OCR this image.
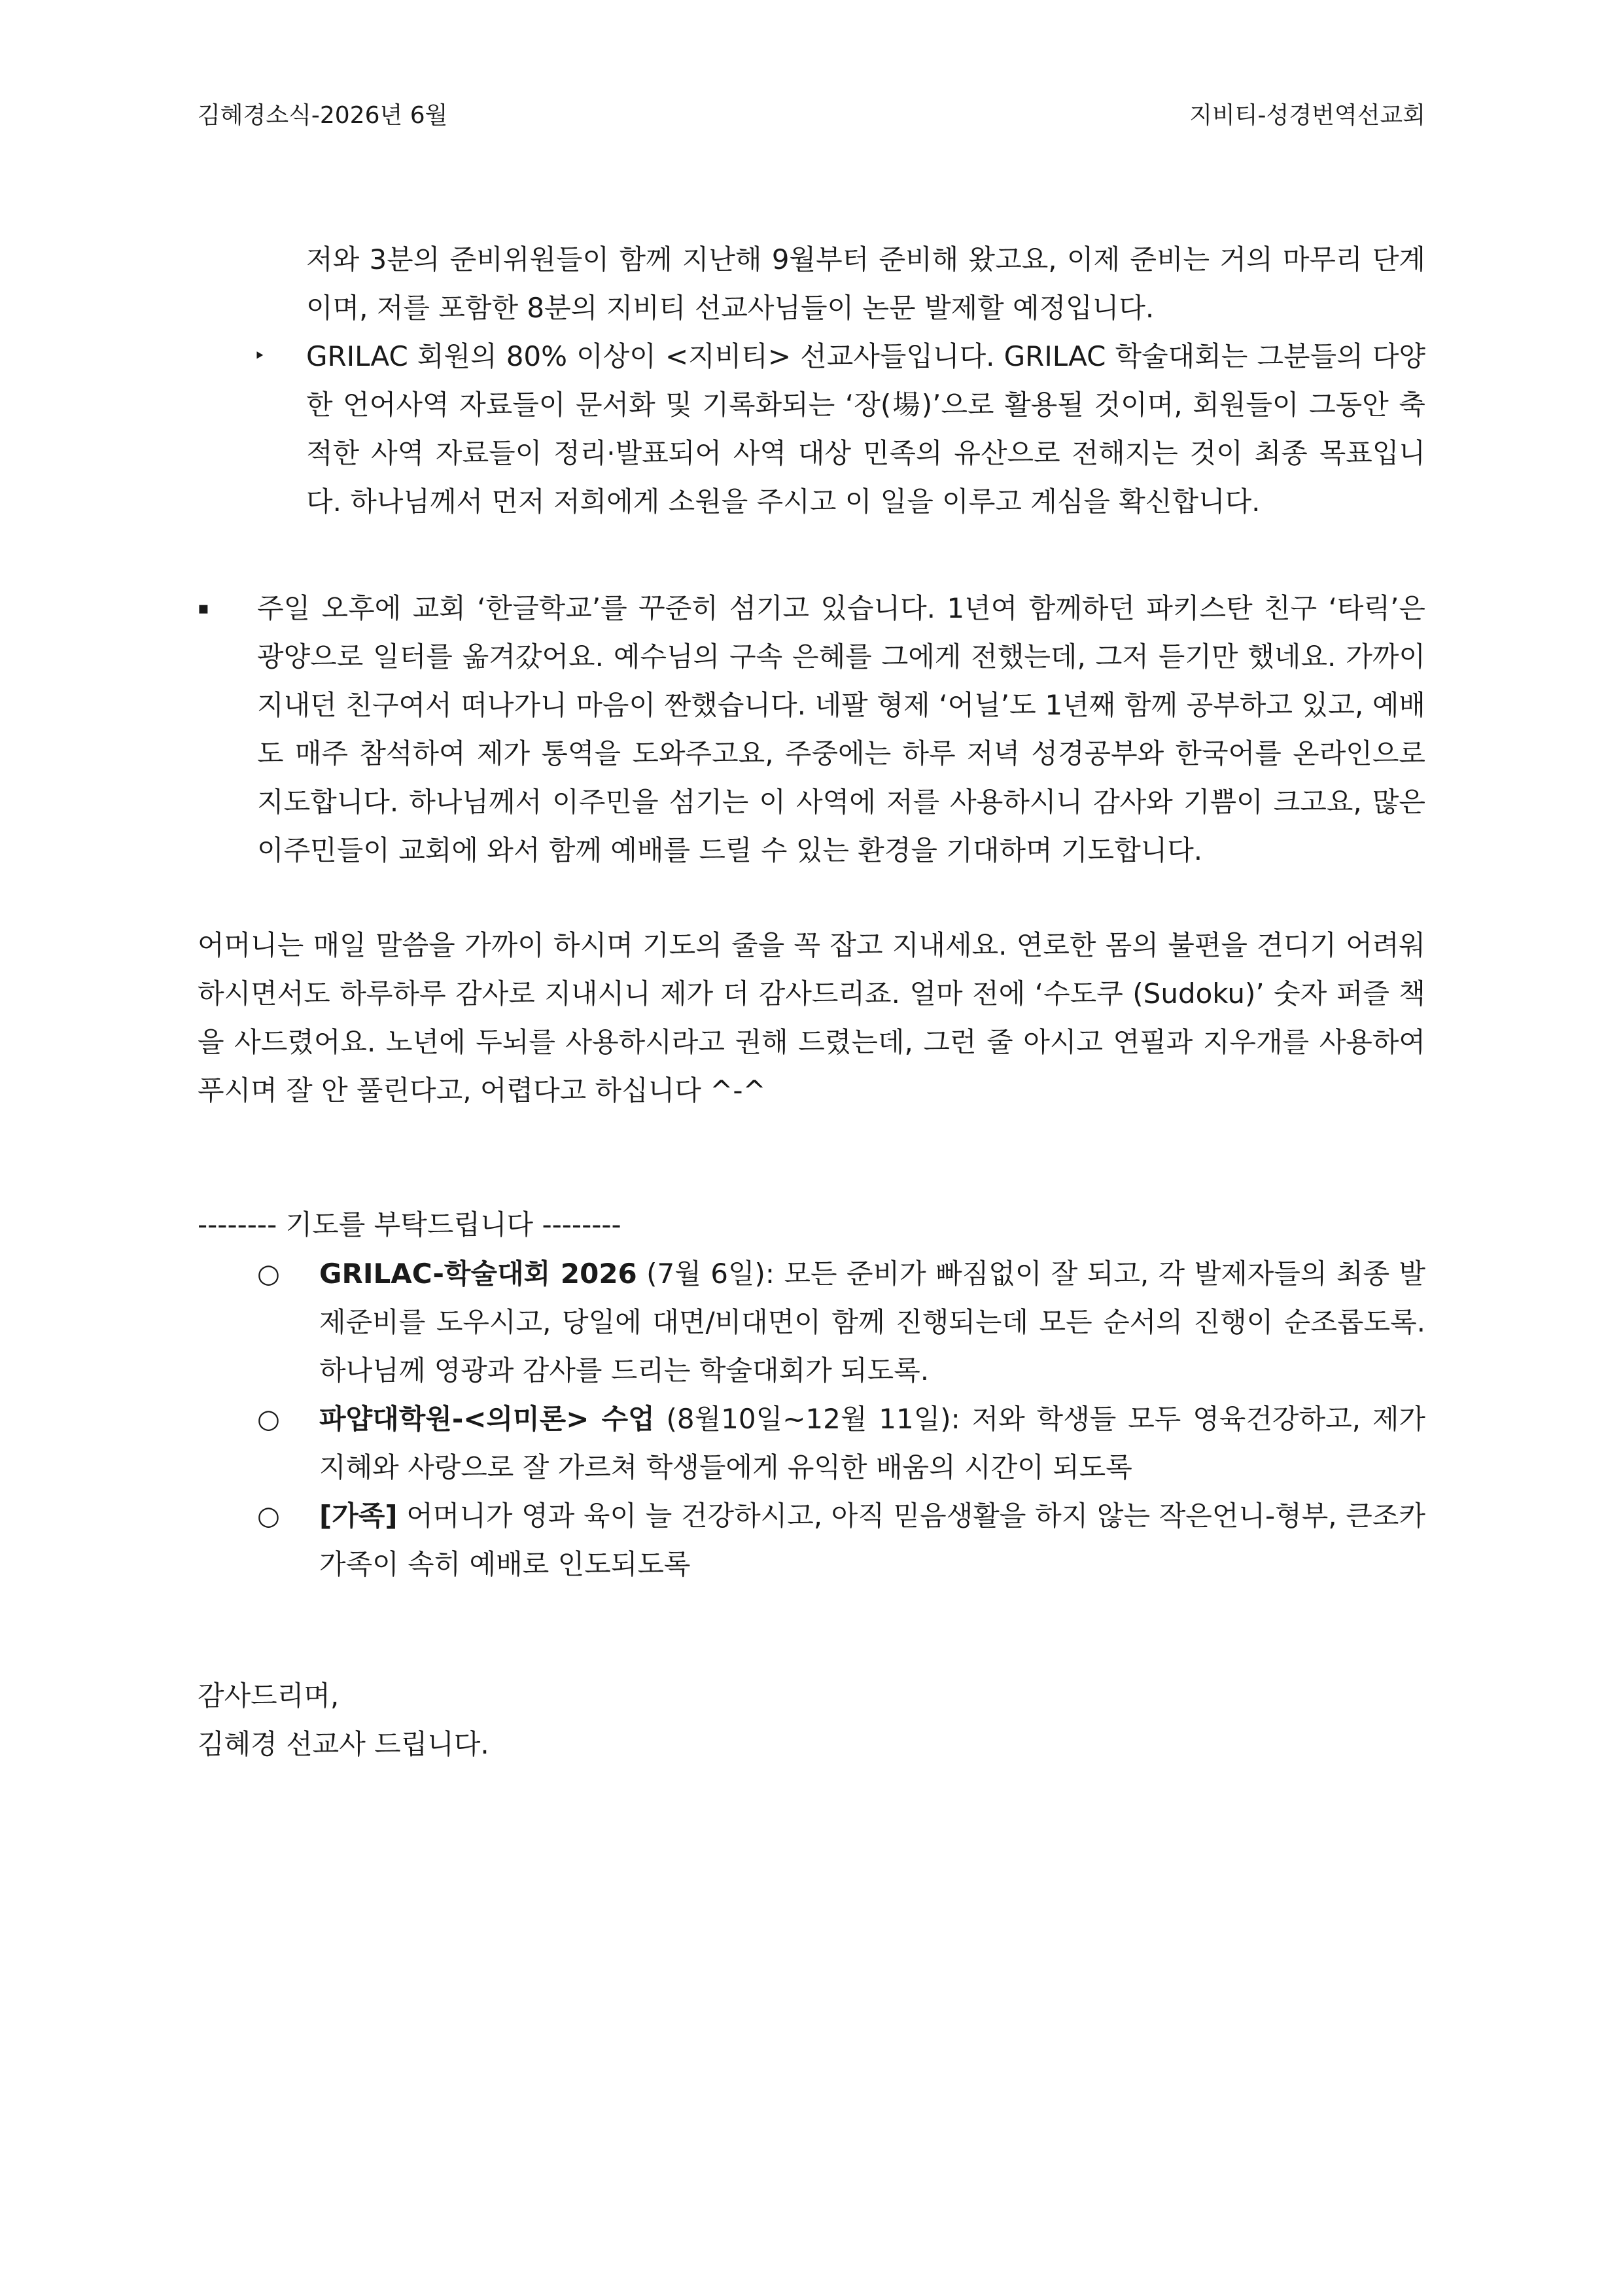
김혜경소식-2026년 6월	지비티-성경번역선교회

저와 3분의 준비위원들이 함께 지난해 9월부터 준비해 왔고요, 이제 준비는 거의 마무리 단계이며, 저를 포함한 8분의 지비티 선교사님들이 논문 발제할 예정입니다.

‣ GRILAC 회원의 80% 이상이 <지비티> 선교사들입니다. GRILAC 학술대회는 그분들의 다양한 언어사역 자료들이 문서화 및 기록화되는 ‘장(場)’으로 활용될 것이며, 회원들이 그동안 축적한 사역 자료들이 정리·발표되어 사역 대상 민족의 유산으로 전해지는 것이 최종 목표입니다. 하나님께서 먼저 저희에게 소원을 주시고 이 일을 이루고 계심을 확신합니다.

▪ 주일 오후에 교회 ‘한글학교’를 꾸준히 섬기고 있습니다. 1년여 함께하던 파키스탄 친구 ‘타릭’은 광양으로 일터를 옮겨갔어요. 예수님의 구속 은혜를 그에게 전했는데, 그저 듣기만 했네요. 가까이 지내던 친구여서 떠나가니 마음이 짠했습니다. 네팔 형제 ‘어닐’도 1년째 함께 공부하고 있고, 예배도 매주 참석하여 제가 통역을 도와주고요, 주중에는 하루 저녁 성경공부와 한국어를 온라인으로 지도합니다. 하나님께서 이주민을 섬기는 이 사역에 저를 사용하시니 감사와 기쁨이 크고요, 많은 이주민들이 교회에 와서 함께 예배를 드릴 수 있는 환경을 기대하며 기도합니다.

어머니는 매일 말씀을 가까이 하시며 기도의 줄을 꼭 잡고 지내세요. 연로한 몸의 불편을 견디기 어려워하시면서도 하루하루 감사로 지내시니 제가 더 감사드리죠. 얼마 전에 ‘수도쿠 (Sudoku)’ 숫자 퍼즐 책을 사드렸어요. 노년에 두뇌를 사용하시라고 권해 드렸는데, 그런 줄 아시고 연필과 지우개를 사용하여 푸시며 잘 안 풀린다고, 어렵다고 하십니다 ^-^

-------- 기도를 부탁드립니다 --------

○ GRILAC-학술대회 2026 (7월 6일): 모든 준비가 빠짐없이 잘 되고, 각 발제자들의 최종 발제준비를 도우시고, 당일에 대면/비대면이 함께 진행되는데 모든 순서의 진행이 순조롭도록. 하나님께 영광과 감사를 드리는 학술대회가 되도록.

○ 파얍대학원-<의미론> 수업 (8월10일~12월 11일): 저와 학생들 모두 영육건강하고, 제가 지혜와 사랑으로 잘 가르쳐 학생들에게 유익한 배움의 시간이 되도록

○ [가족] 어머니가 영과 육이 늘 건강하시고, 아직 믿음생활을 하지 않는 작은언니-형부, 큰조카 가족이 속히 예배로 인도되도록

감사드리며,

김혜경 선교사 드립니다.
